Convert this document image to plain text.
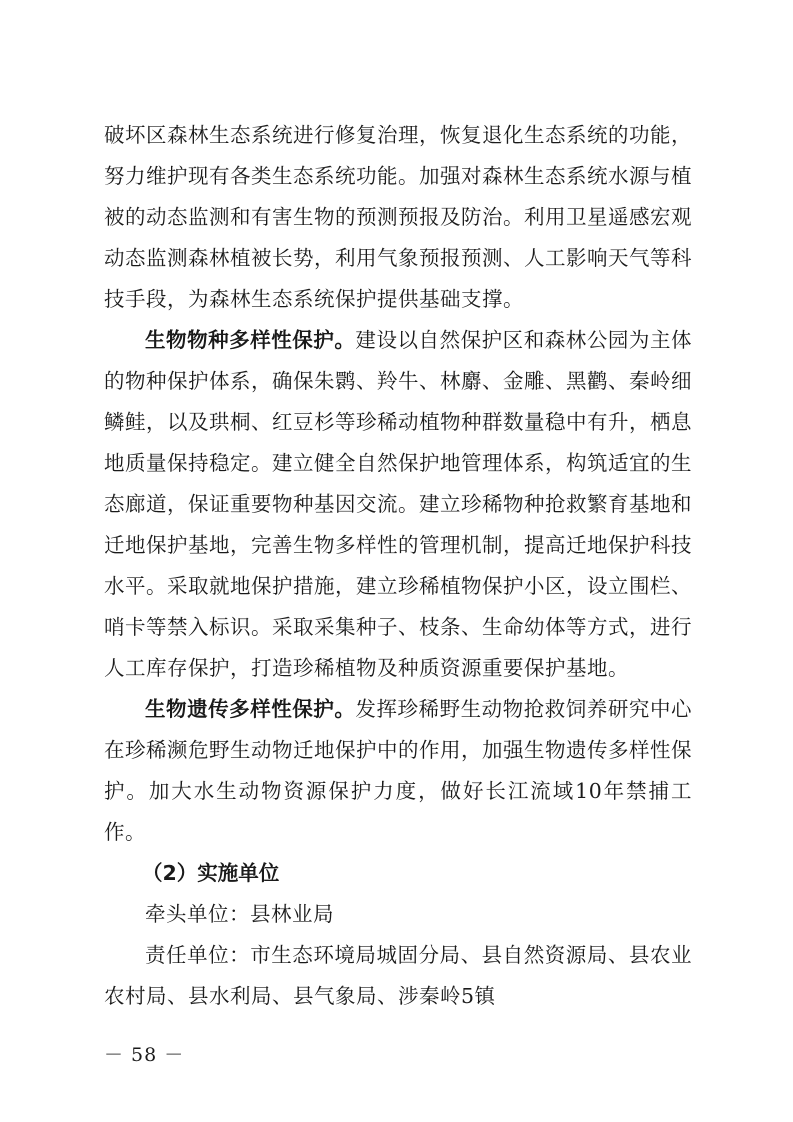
破坏区森林生态系统进行修复治理，恢复退化生态系统的功能，努力维护现有各类生态系统功能。加强对森林生态系统水源与植被的动态监测和有害生物的预测预报及防治。利用卫星遥感宏观动态监测森林植被长势，利用气象预报预测、人工影响天气等科技手段，为森林生态系统保护提供基础支撑。

生物物种多样性保护。建设以自然保护区和森林公园为主体的物种保护体系，确保朱鹮、羚牛、林麝、金雕、黑鹳、秦岭细鳞鲑，以及珙桐、红豆杉等珍稀动植物种群数量稳中有升，栖息地质量保持稳定。建立健全自然保护地管理体系，构筑适宜的生态廊道，保证重要物种基因交流。建立珍稀物种抢救繁育基地和迁地保护基地，完善生物多样性的管理机制，提高迁地保护科技水平。采取就地保护措施，建立珍稀植物保护小区，设立围栏、哨卡等禁入标识。采取采集种子、枝条、生命幼体等方式，进行人工库存保护，打造珍稀植物及种质资源重要保护基地。

生物遗传多样性保护。发挥珍稀野生动物抢救饲养研究中心在珍稀濒危野生动物迁地保护中的作用，加强生物遗传多样性保护。加大水生动物资源保护力度，做好长江流域10年禁捕工作。

（2）实施单位

牵头单位：县林业局

责任单位：市生态环境局城固分局、县自然资源局、县农业农村局、县水利局、县气象局、涉秦岭5镇

－ 58 －
